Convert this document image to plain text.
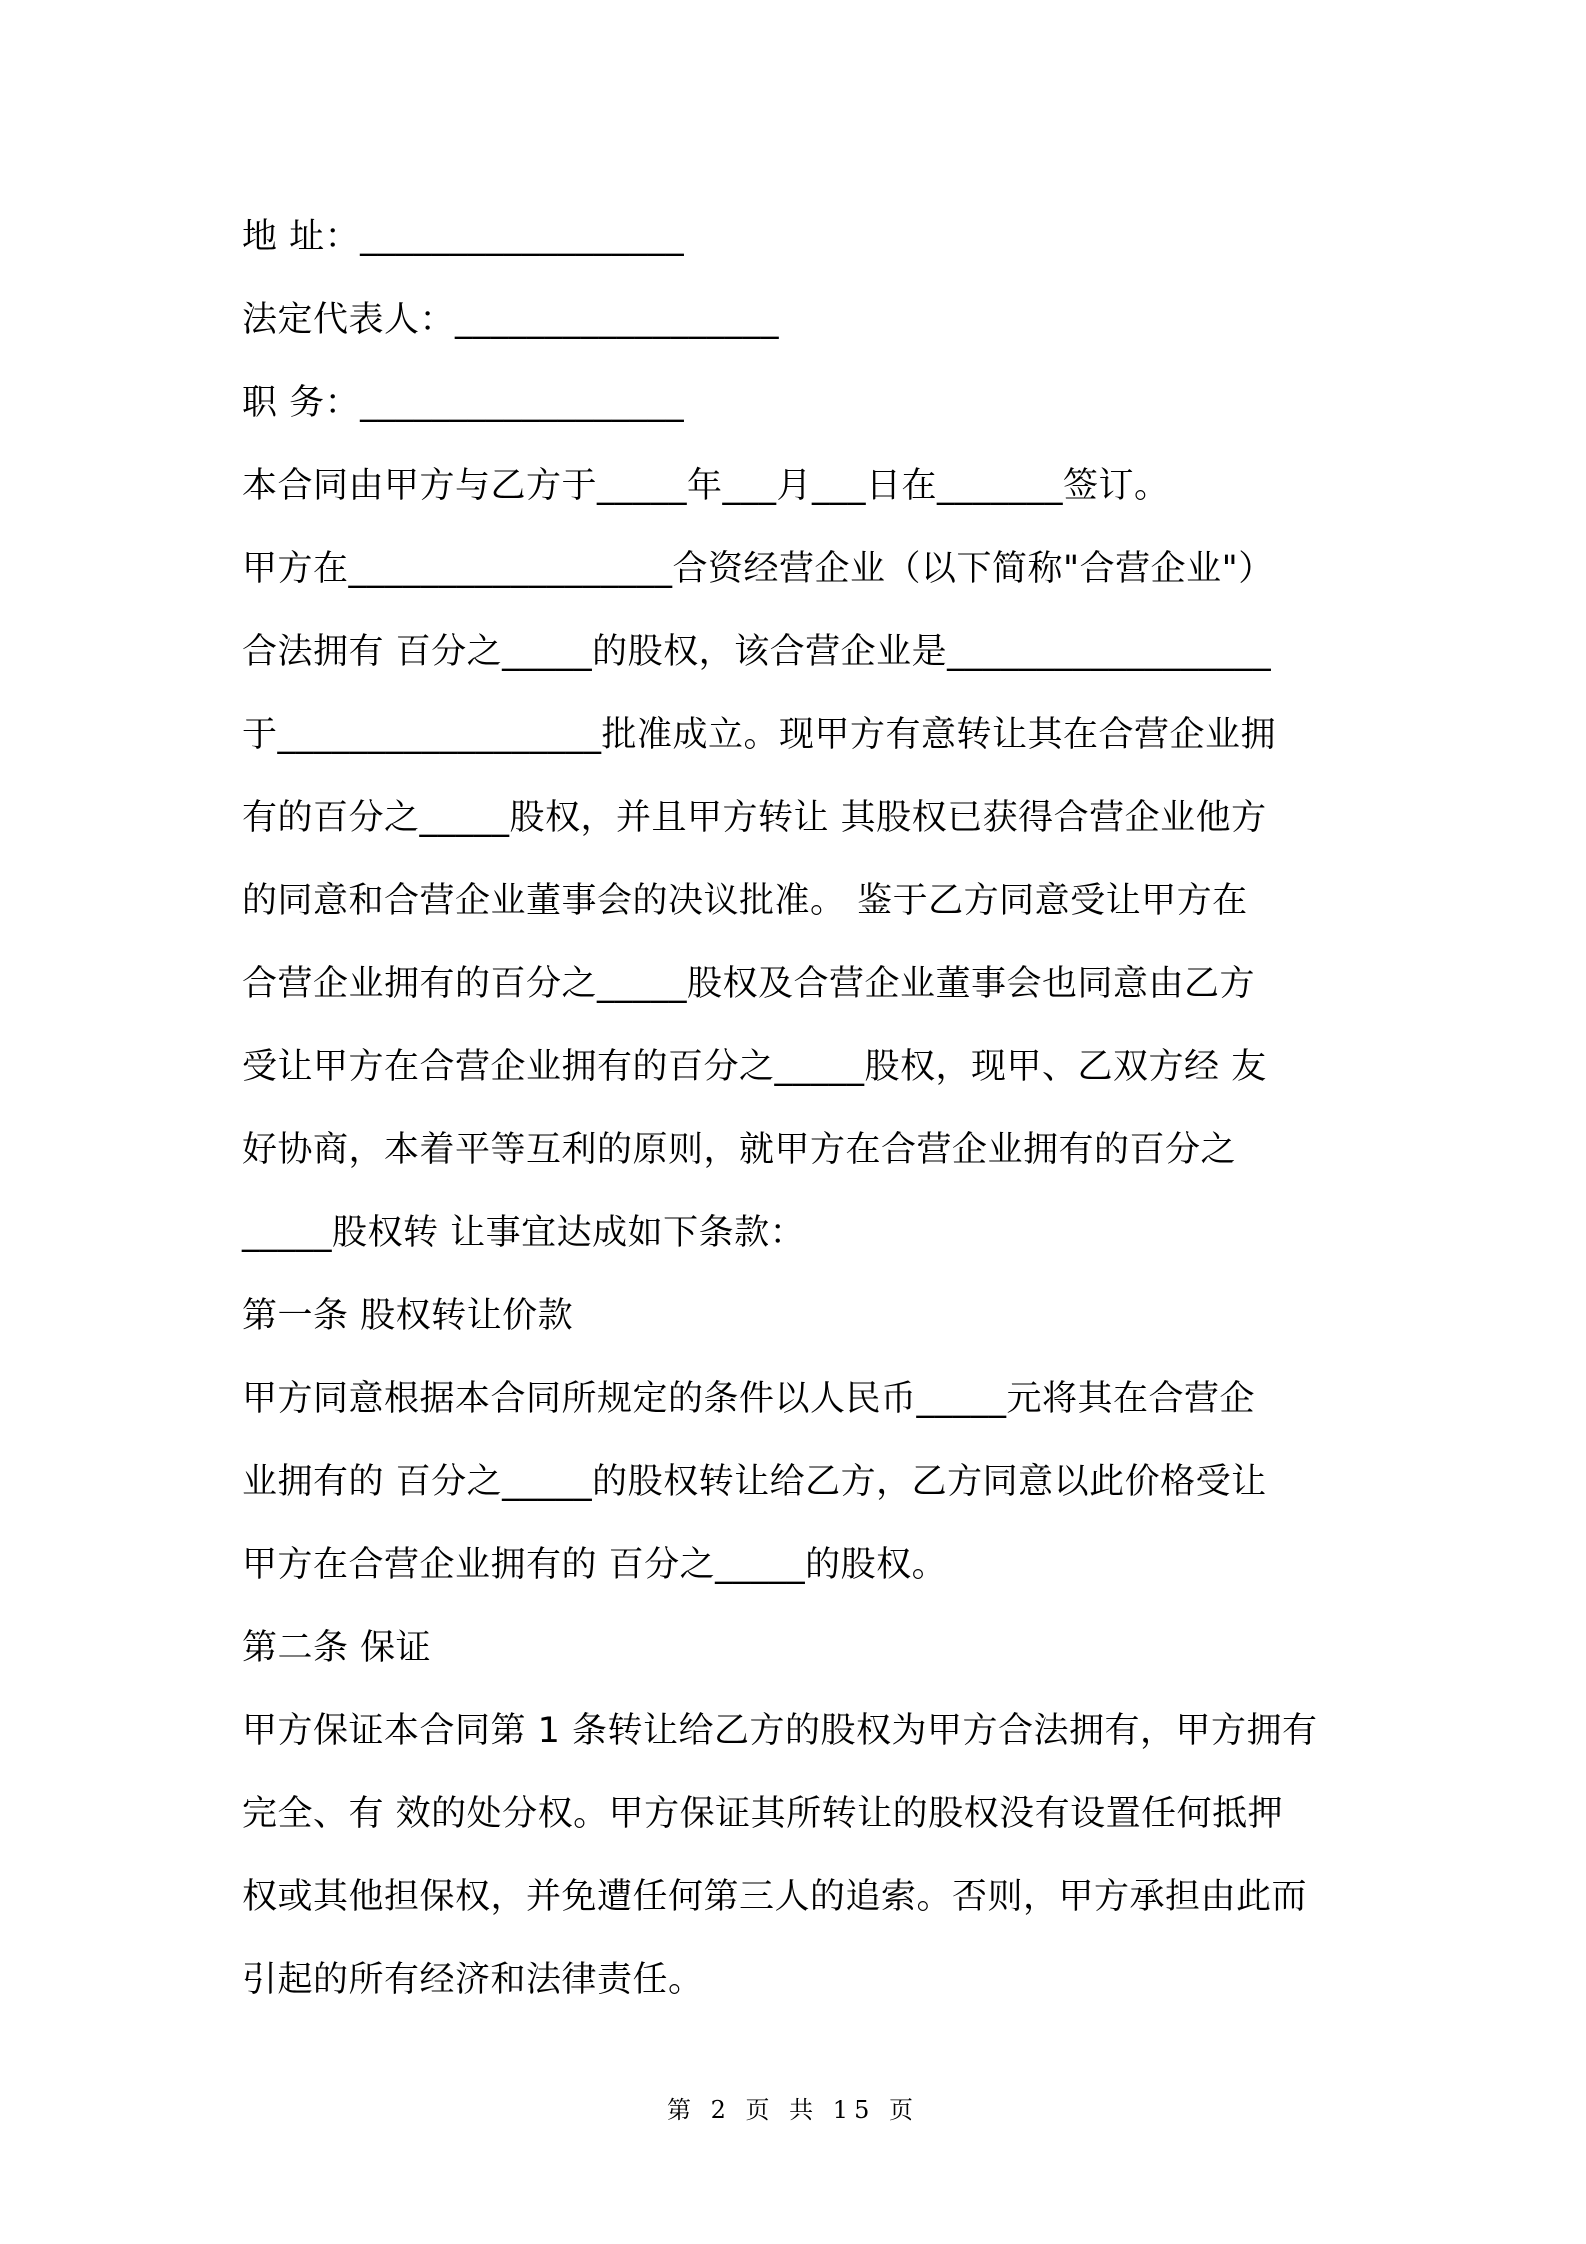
地 址：__________________
法定代表人：__________________
职 务：__________________
本合同由甲方与乙方于_____年___月___日在_______签订。
甲方在__________________合资经营企业（以下简称"合营企业"）
合法拥有 百分之_____的股权，该合营企业是__________________
于__________________批准成立。现甲方有意转让其在合营企业拥
有的百分之_____股权，并且甲方转让 其股权已获得合营企业他方
的同意和合营企业董事会的决议批准。 鉴于乙方同意受让甲方在
合营企业拥有的百分之_____股权及合营企业董事会也同意由乙方
受让甲方在合营企业拥有的百分之_____股权，现甲、乙双方经 友
好协商，本着平等互利的原则，就甲方在合营企业拥有的百分之
_____股权转 让事宜达成如下条款：
第一条 股权转让价款
甲方同意根据本合同所规定的条件以人民币_____元将其在合营企
业拥有的 百分之_____的股权转让给乙方，乙方同意以此价格受让
甲方在合营企业拥有的 百分之_____的股权。
第二条 保证
甲方保证本合同第 1 条转让给乙方的股权为甲方合法拥有，甲方拥有
完全、有 效的处分权。甲方保证其所转让的股权没有设置任何抵押
权或其他担保权，并免遭任何第三人的追索。否则，甲方承担由此而
引起的所有经济和法律责任。
第 2 页 共 15 页
